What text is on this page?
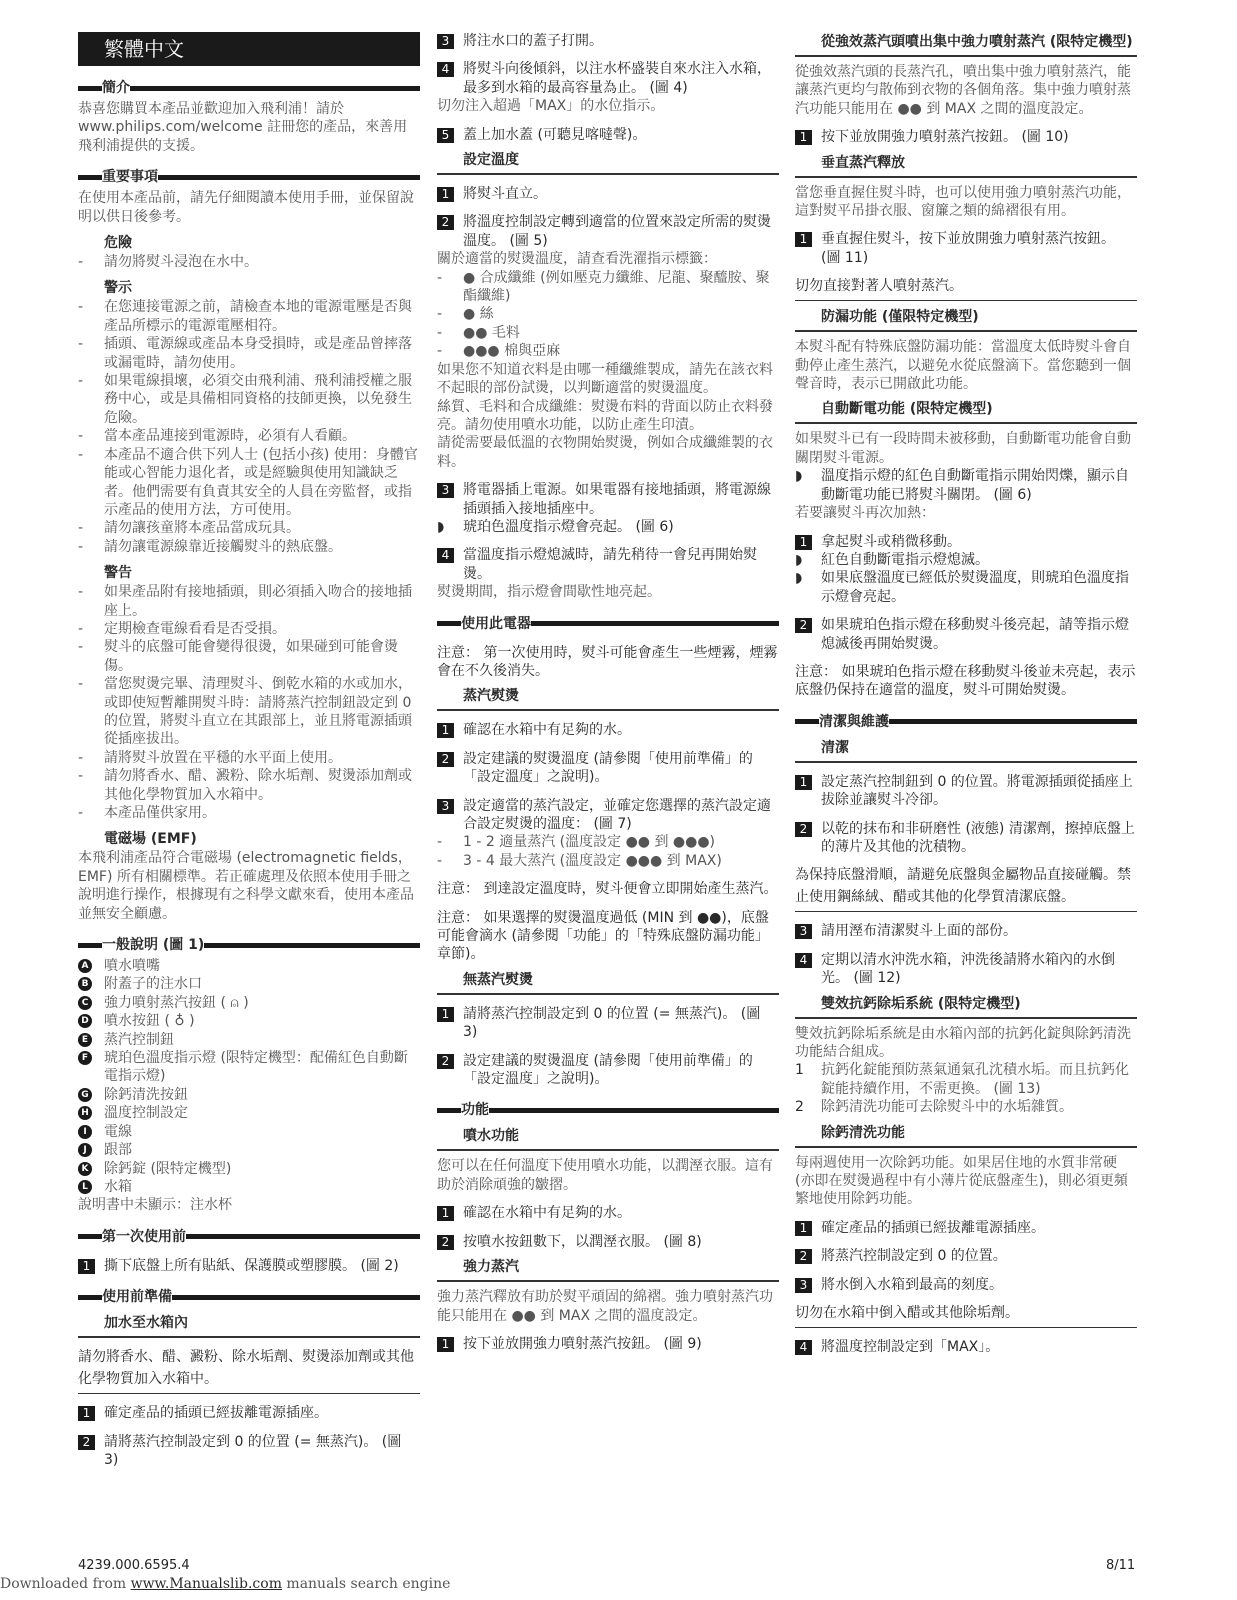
繁體中文
簡介

恭喜您購買本產品並歡迎加入飛利浦！請於 www.philips.com/welcome 註冊您的產品，來善用飛利浦提供的支援。

重要事項

在使用本產品前，請先仔細閱讀本使用手冊，並保留說明以供日後參考。

危險
-	請勿將熨斗浸泡在水中。
警示
-	在您連接電源之前，請檢查本地的電源電壓是否與產品所標示的電源電壓相符。
-	插頭、電源線或產品本身受損時，或是產品曾摔落或漏電時，請勿使用。
-	如果電線損壞，必須交由飛利浦、飛利浦授權之服務中心，或是具備相同資格的技師更換，以免發生危險。
-	當本產品連接到電源時，必須有人看顧。
-	本產品不適合供下列人士 (包括小孩) 使用：身體官能或心智能力退化者，或是經驗與使用知識缺乏者。他們需要有負責其安全的人員在旁監督，或指示產品的使用方法，方可使用。
-	請勿讓孩童將本產品當成玩具。
-	請勿讓電源線靠近接觸熨斗的熱底盤。
警告
-	如果產品附有接地插頭，則必須插入吻合的接地插座上。
-	定期檢查電線看看是否受損。
-	熨斗的底盤可能會變得很燙，如果碰到可能會燙傷。
-	當您熨燙完畢、清理熨斗、倒乾水箱的水或加水，或即使短暫離開熨斗時：請將蒸汽控制鈕設定到 0 的位置，將熨斗直立在其跟部上，並且將電源插頭從插座拔出。
-	請將熨斗放置在平穩的水平面上使用。
-	請勿將香水、醋、澱粉、除水垢劑、熨燙添加劑或其他化學物質加入水箱中。
-	本產品僅供家用。
電磁場 (EMF)

本飛利浦產品符合電磁場 (electromagnetic fields，EMF) 所有相關標準。若正確處理及依照本使用手冊之說明進行操作，根據現有之科學文獻來看，使用本產品並無安全顧慮。

一般說明 (圖 1)
A 噴水噴嘴
B 附蓋子的注水口
C 強力噴射蒸汽按鈕 ( ⍝ )
D 噴水按鈕 ( ♁ )
E 蒸汽控制鈕
F 琥珀色溫度指示燈 (限特定機型：配備紅色自動斷電指示燈)
G 除鈣清洗按鈕
H 溫度控制設定
I	電線
J	跟部
K 除鈣錠 (限特定機型)
L 水箱

說明書中未顯示：注水杯

第一次使用前
1 撕下底盤上所有貼紙、保護膜或塑膠膜。 (圖 2)
使用前準備
加水至水箱內
請勿將香水、醋、澱粉、除水垢劑、熨燙添加劑或其他化學物質加入水箱中。
1 確定產品的插頭已經拔離電源插座。
2 請將蒸汽控制設定到 0 的位置 (= 無蒸汽)。 (圖 3)
3 將注水口的蓋子打開。
4 將熨斗向後傾斜，以注水杯盛裝自來水注入水箱，最多到水箱的最高容量為止。 (圖 4)

切勿注入超過「MAX」的水位指示。

5 蓋上加水蓋 (可聽見喀噠聲)。
設定溫度
1 將熨斗直立。
2 將溫度控制設定轉到適當的位置來設定所需的熨燙溫度。 (圖 5)

關於適當的熨燙溫度，請查看洗濯指示標籤：

-	● 合成纖維 (例如壓克力纖維、尼龍、聚醯胺、聚酯纖維)
-	● 絲
-	●● 毛料
-	●●● 棉與亞麻

如果您不知道衣料是由哪一種纖維製成，請先在該衣料不起眼的部份試燙，以判斷適當的熨燙溫度。

絲質、毛料和合成纖維：熨燙布料的背面以防止衣料發亮。請勿使用噴水功能，以防止產生印漬。

請從需要最低溫的衣物開始熨燙，例如合成纖維製的衣料。

3 將電器插上電源。如果電器有接地插頭，將電源線插頭插入接地插座中。
◗	琥珀色溫度指示燈會亮起。 (圖 6)
4 當溫度指示燈熄滅時，請先稍待一會兒再開始熨燙。

熨燙期間，指示燈會間歇性地亮起。

使用此電器

注意： 第一次使用時，熨斗可能會產生一些煙霧，煙霧會在不久後消失。

蒸汽熨燙
1 確認在水箱中有足夠的水。
2 設定建議的熨燙溫度 (請參閱「使用前準備」的「設定溫度」之說明)。
3 設定適當的蒸汽設定，並確定您選擇的蒸汽設定適合設定熨燙的溫度： (圖 7)
-	1 - 2 適量蒸汽 (溫度設定 ●● 到 ●●●)
-	3 - 4 最大蒸汽 (溫度設定 ●●● 到 MAX)

注意： 到達設定溫度時，熨斗便會立即開始產生蒸汽。

注意： 如果選擇的熨燙溫度過低 (MIN 到 ●●)，底盤可能會滴水 (請參閱「功能」的「特殊底盤防漏功能」章節)。

無蒸汽熨燙
1 請將蒸汽控制設定到 0 的位置 (= 無蒸汽)。 (圖 3)
2 設定建議的熨燙溫度 (請參閱「使用前準備」的「設定溫度」之說明)。
功能
噴水功能

您可以在任何溫度下使用噴水功能，以潤溼衣服。這有助於消除頑強的皺摺。

1 確認在水箱中有足夠的水。
2 按噴水按鈕數下，以潤溼衣服。 (圖 8)
強力蒸汽

強力蒸汽釋放有助於熨平頑固的綿褶。強力噴射蒸汽功能只能用在 ●● 到 MAX 之間的溫度設定。

1 按下並放開強力噴射蒸汽按鈕。 (圖 9)
從強效蒸汽頭噴出集中強力噴射蒸汽 (限特定機型)

從強效蒸汽頭的長蒸汽孔，噴出集中強力噴射蒸汽，能讓蒸汽更均勻散佈到衣物的各個角落。集中強力噴射蒸汽功能只能用在 ●● 到 MAX 之間的溫度設定。

1 按下並放開強力噴射蒸汽按鈕。 (圖 10)
垂直蒸汽釋放

當您垂直握住熨斗時，也可以使用強力噴射蒸汽功能，這對熨平吊掛衣服、窗簾之類的綿褶很有用。

1 垂直握住熨斗，按下並放開強力噴射蒸汽按鈕。 (圖 11)
切勿直接對著人噴射蒸汽。
防漏功能 (僅限特定機型)

本熨斗配有特殊底盤防漏功能：當溫度太低時熨斗會自動停止產生蒸汽，以避免水從底盤滴下。當您聽到一個聲音時，表示已開啟此功能。

自動斷電功能 (限特定機型)

如果熨斗已有一段時間未被移動，自動斷電功能會自動關閉熨斗電源。

◗	溫度指示燈的紅色自動斷電指示開始閃爍，顯示自動斷電功能已將熨斗關閉。 (圖 6)

若要讓熨斗再次加熱：

1 拿起熨斗或稍微移動。
◗	紅色自動斷電指示燈熄滅。
◗	如果底盤溫度已經低於熨燙溫度，則琥珀色溫度指示燈會亮起。
2 如果琥珀色指示燈在移動熨斗後亮起，請等指示燈熄滅後再開始熨燙。

注意： 如果琥珀色指示燈在移動熨斗後並未亮起，表示底盤仍保持在適當的溫度，熨斗可開始熨燙。

清潔與維護
清潔
1 設定蒸汽控制鈕到 0 的位置。將電源插頭從插座上拔除並讓熨斗冷卻。
2 以乾的抹布和非研磨性 (液態) 清潔劑，擦掉底盤上的薄片及其他的沈積物。
為保持底盤滑順，請避免底盤與金屬物品直接碰觸。禁止使用鋼絲絨、醋或其他的化學質清潔底盤。
3 請用溼布清潔熨斗上面的部份。
4 定期以清水沖洗水箱，沖洗後請將水箱內的水倒光。 (圖 12)
雙效抗鈣除垢系統 (限特定機型)

雙效抗鈣除垢系統是由水箱內部的抗鈣化錠與除鈣清洗功能結合組成。

1	抗鈣化錠能預防蒸氣通氣孔沈積水垢。而且抗鈣化錠能持續作用，不需更換。 (圖 13)
2	除鈣清洗功能可去除熨斗中的水垢雜質。
除鈣清洗功能

每兩週使用一次除鈣功能。如果居住地的水質非常硬 (亦即在熨燙過程中有小薄片從底盤產生)，則必須更頻繁地使用除鈣功能。

1 確定產品的插頭已經拔離電源插座。
2 將蒸汽控制設定到 0 的位置。
3 將水倒入水箱到最高的刻度。
切勿在水箱中倒入醋或其他除垢劑。
4 將溫度控制設定到「MAX」。
4239.000.6595.4	8/11
Downloaded from www.Manualslib.com manuals search engine
